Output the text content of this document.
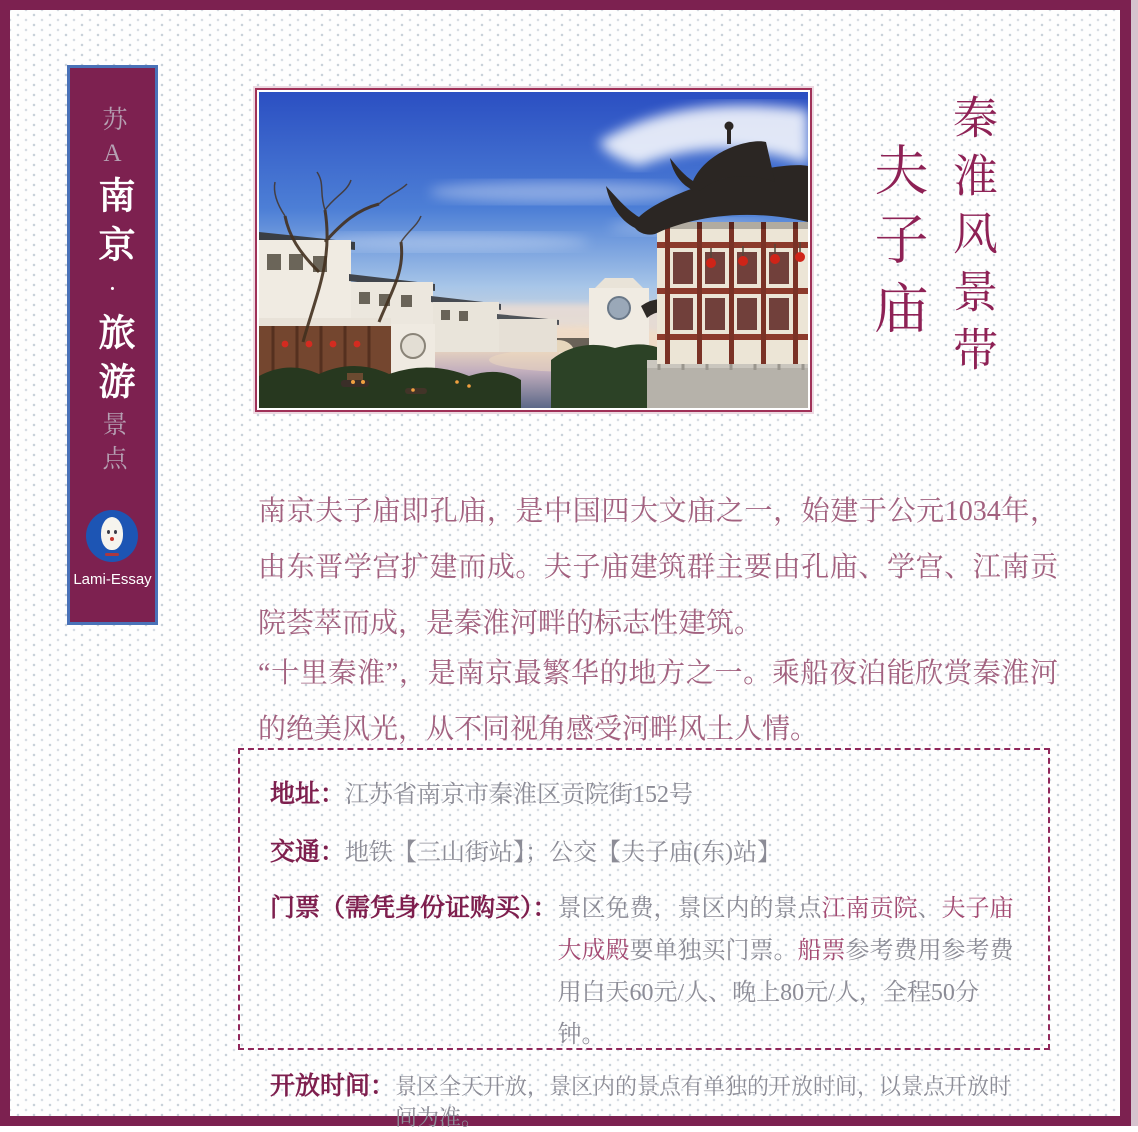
苏A南京·旅游景点
Lami-Essay
秦淮风景带
夫子庙

南京夫子庙即孔庙，是中国四大文庙之一，始建于公元1034年，由东晋学宫扩建而成。夫子庙建筑群主要由孔庙、学宫、江南贡院荟萃而成，是秦淮河畔的标志性建筑。

“十里秦淮”，是南京最繁华的地方之一。乘船夜泊能欣赏秦淮河的绝美风光，从不同视角感受河畔风土人情。

地址： 江苏省南京市秦淮区贡院街152号
交通： 地铁【三山街站】；公交【夫子庙(东)站】
门票（需凭身份证购买）： 景区免费，景区内的景点江南贡院、夫子庙大成殿要单独买门票。船票参考费用参考费用白天60元/人、晚上80元/人，全程50分钟。
开放时间： 景区全天开放，景区内的景点有单独的开放时间，以景点开放时间为准。
